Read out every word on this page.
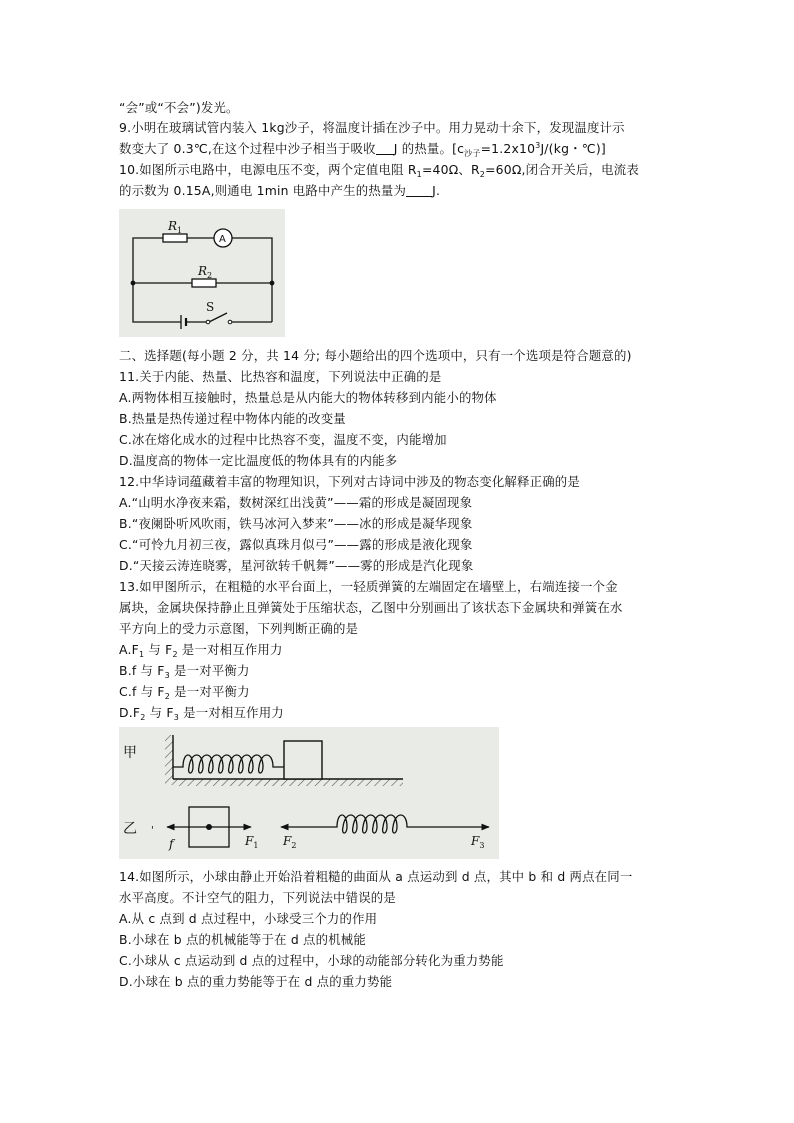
“会”或“不会”)发光。
9.小明在玻璃试管内装入 1kg沙子，将温度计插在沙子中。用力晃动十余下，发现温度计示
数变大了 0.3℃,在这个过程中沙子相当于吸收 J 的热量。[$c_{沙子}=1.2x10^3J/(kg$・℃)]
10.如图所示电路中，电源电压不变，两个定值电阻 $R_1=40\Omega$、$R_2=60\Omega$,闭合开关后，电流表
的示数为 0.15A,则通电 1min 电路中产生的热量为 J.
$R_1$
$R_2$
A
S
二、选择题(每小题 2 分，共 14 分; 每小题给出的四个选项中，只有一个选项是符合题意的)
11.关于内能、热量、比热容和温度，下列说法中正确的是
A.两物体相互接触时，热量总是从内能大的物体转移到内能小的物体
B.热量是热传递过程中物体内能的改变量
C.冰在熔化成水的过程中比热容不变，温度不变，内能增加
D.温度高的物体一定比温度低的物体具有的内能多
12.中华诗词蕴藏着丰富的物理知识，下列对古诗词中涉及的物态变化解释正确的是
A.“山明水净夜来霜，数树深红出浅黄”——霜的形成是凝固现象
B.“夜阑卧听风吹雨，铁马冰河入梦来”——冰的形成是凝华现象
C.“可怜九月初三夜，露似真珠月似弓”——露的形成是液化现象
D.“天接云涛连晓雾，星河欲转千帆舞”——雾的形成是汽化现象
13.如甲图所示，在粗糙的水平台面上，一轻质弹簧的左端固定在墙壁上，右端连接一个金
属块，金属块保持静止且弹簧处于压缩状态，乙图中分别画出了该状态下金属块和弹簧在水
平方向上的受力示意图，下列判断正确的是
$A.F_1$ 与 $F_2$ 是一对相互作用力
B.f 与 $F_3$ 是一对平衡力
C.f 与 $F_2$ 是一对平衡力
$D.F_2$ 与 $F_3$ 是一对相互作用力
甲
乙 '
f	$F_1$ $F_2$	$F_3$
14.如图所示，小球由静止开始沿着粗糙的曲面从 a 点运动到 d 点，其中 b 和 d 两点在同一
水平高度。不计空气的阻力，下列说法中错误的是
A.从 c 点到 d 点过程中，小球受三个力的作用
B.小球在 b 点的机械能等于在 d 点的机械能
C.小球从 c 点运动到 d 点的过程中，小球的动能部分转化为重力势能
D.小球在 b 点的重力势能等于在 d 点的重力势能
